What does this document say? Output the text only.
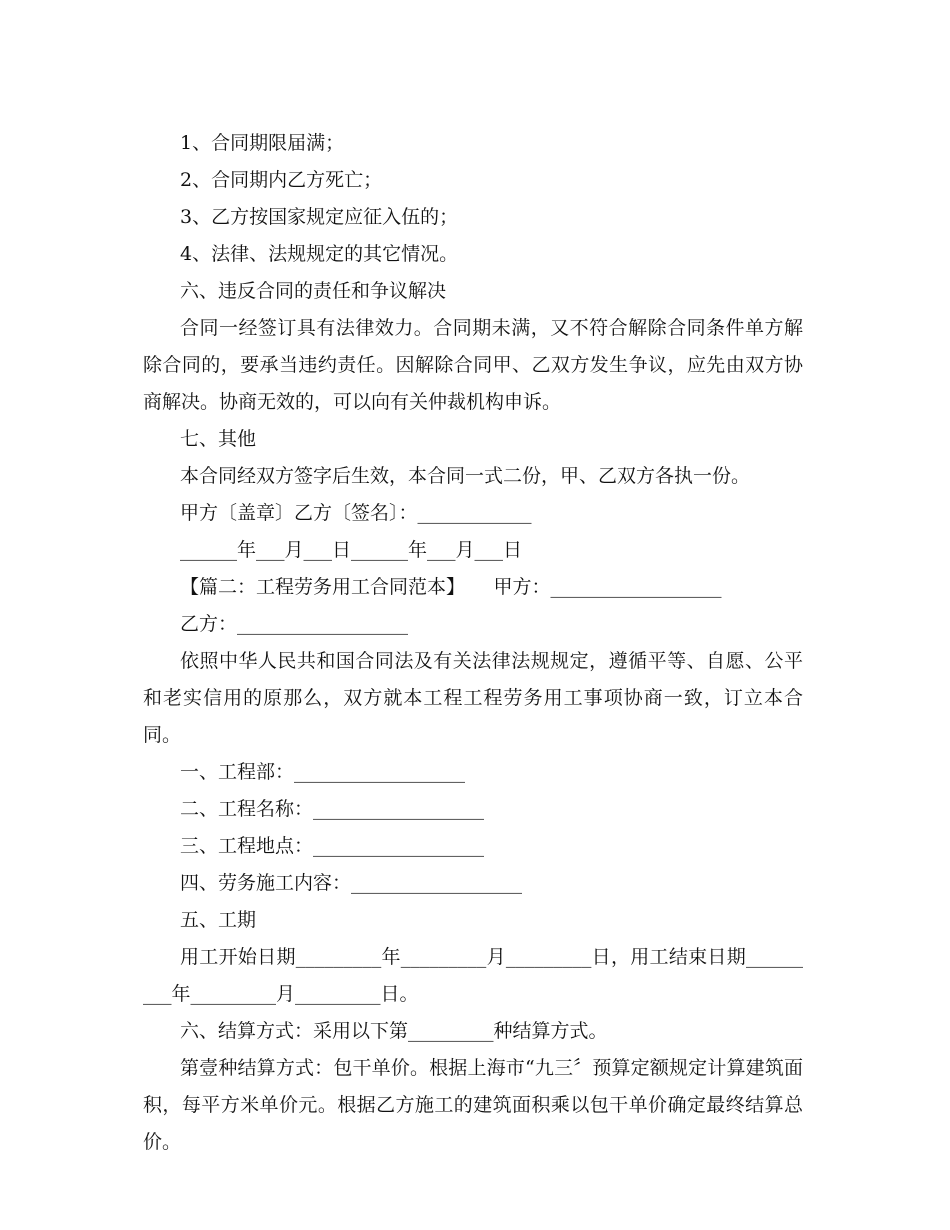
1、合同期限届满；

2、合同期内乙方死亡；

3、乙方按国家规定应征入伍的；

4、法律、法规规定的其它情况。

六、违反合同的责任和争议解决

合同一经签订具有法律效力。合同期未满，又不符合解除合同条件单方解除合同的，要承当违约责任。因解除合同甲、乙双方发生争议，应先由双方协商解决。协商无效的，可以向有关仲裁机构申诉。

七、其他

本合同经双方签字后生效，本合同一式二份，甲、乙双方各执一份。

甲方〔盖章〕乙方〔签名〕：____________

______年___月___日______年___月___日

【篇二：工程劳务用工合同范本】　　甲方：__________________

乙方：__________________

依照中华人民共和国合同法及有关法律法规规定，遵循平等、自愿、公平和老实信用的原那么，双方就本工程工程劳务用工事项协商一致，订立本合同。

一、工程部：__________________

二、工程名称：__________________

三、工程地点：__________________

四、劳务施工内容：__________________

五、工期

用工开始日期_________年_________月_________日，用工结束日期_________年_________月_________日。

六、结算方式：采用以下第_________种结算方式。

第壹种结算方式：包干单价。根据上海市“九三〞预算定额规定计算建筑面积，每平方米单价元。根据乙方施工的建筑面积乘以包干单价确定最终结算总价。
